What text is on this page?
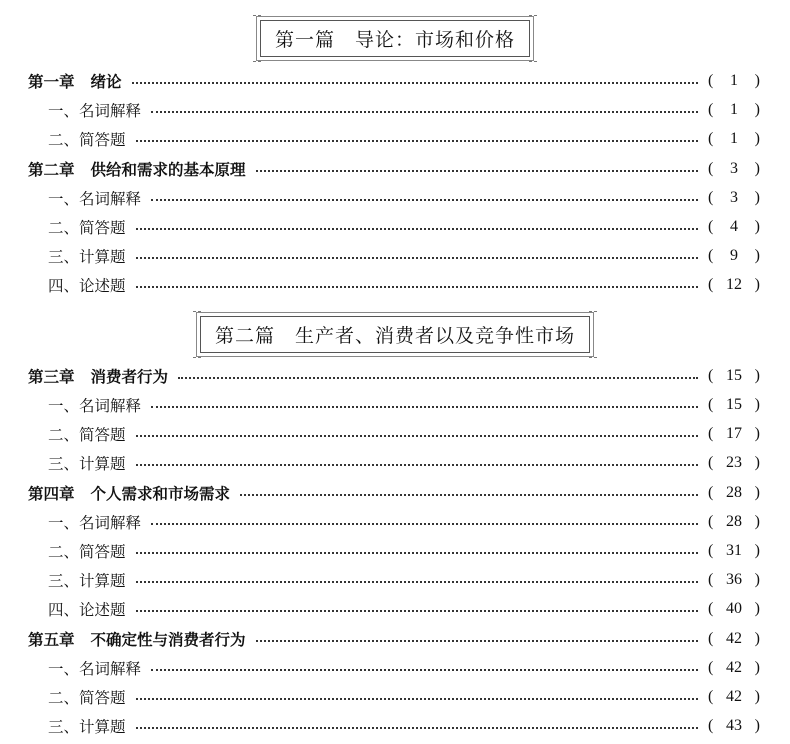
第一篇　导论：市场和价格
第一章 绪论	( 1 )
一、名词解释	( 1 )
二、简答题	( 1 )
第二章 供给和需求的基本原理	( 3 )
一、名词解释	( 3 )
二、简答题	( 4 )
三、计算题	( 9 )
四、论述题	( 12 )
第二篇　生产者、消费者以及竞争性市场
第三章 消费者行为	( 15 )
一、名词解释	( 15 )
二、简答题	( 17 )
三、计算题	( 23 )
第四章 个人需求和市场需求	( 28 )
一、名词解释	( 28 )
二、简答题	( 31 )
三、计算题	( 36 )
四、论述题	( 40 )
第五章 不确定性与消费者行为	( 42 )
一、名词解释	( 42 )
二、简答题	( 42 )
三、计算题	( 43 )
